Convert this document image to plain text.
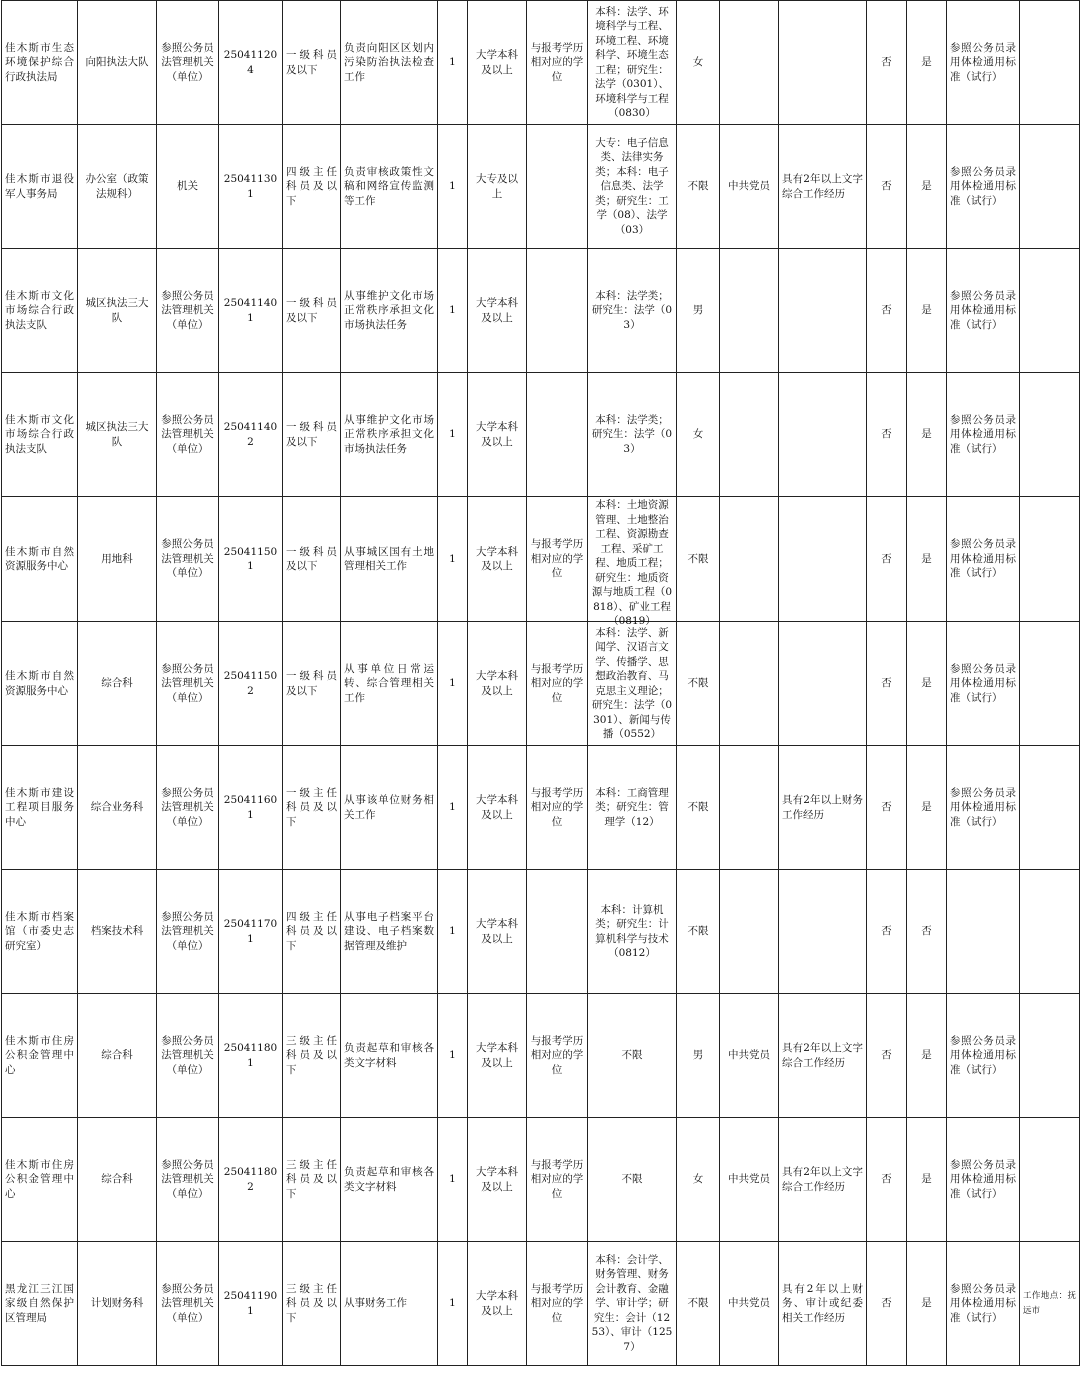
佳木斯市生态环境保护综合行政执法局	向阳执法大队	参照公务员法管理机关（单位）	250411204	一级科员及以下	负责向阳区区划内污染防治执法检查工作	1	大学本科及以上	与报考学历相对应的学位	本科：法学、环境科学与工程、环境工程、环境科学、环境生态工程；研究生：法学（0301）、环境科学与工程（0830）	女			否	是	参照公务员录用体检通用标准（试行）	

佳木斯市退役军人事务局	办公室（政策法规科）	机关	250411301	四级主任科员及以下	负责审核政策性文稿和网络宣传监测等工作	1	大专及以上		大专：电子信息类、法律实务类；本科：电子信息类、法学类；研究生：工学（08）、法学（03）	不限	中共党员	具有2年以上文字综合工作经历	否	是	参照公务员录用体检通用标准（试行）	

佳木斯市文化市场综合行政执法支队	城区执法三大队	参照公务员法管理机关（单位）	250411401	一级科员及以下	从事维护文化市场正常秩序承担文化市场执法任务	1	大学本科及以上		本科：法学类；研究生：法学（03）	男			否	是	参照公务员录用体检通用标准（试行）	

佳木斯市文化市场综合行政执法支队	城区执法三大队	参照公务员法管理机关（单位）	250411402	一级科员及以下	从事维护文化市场正常秩序承担文化市场执法任务	1	大学本科及以上		本科：法学类；研究生：法学（03）	女			否	是	参照公务员录用体检通用标准（试行）	

佳木斯市自然资源服务中心	用地科	参照公务员法管理机关（单位）	250411501	一级科员及以下	从事城区国有土地管理相关工作	1	大学本科及以上	与报考学历相对应的学位	本科：土地资源管理、土地整治工程、资源勘查工程、采矿工程、地质工程；研究生：地质资源与地质工程（0818）、矿业工程（0819）	不限			否	是	参照公务员录用体检通用标准（试行）	

佳木斯市自然资源服务中心	综合科	参照公务员法管理机关（单位）	250411502	一级科员及以下	从事单位日常运转、综合管理相关工作	1	大学本科及以上	与报考学历相对应的学位	本科：法学、新闻学、汉语言文学、传播学、思想政治教育、马克思主义理论；研究生：法学（0301）、新闻与传播（0552）	不限			否	是	参照公务员录用体检通用标准（试行）	

佳木斯市建设工程项目服务中心	综合业务科	参照公务员法管理机关（单位）	250411601	一级主任科员及以下	从事该单位财务相关工作	1	大学本科及以上	与报考学历相对应的学位	本科：工商管理类；研究生：管理学（12）	不限		具有2年以上财务工作经历	否	是	参照公务员录用体检通用标准（试行）	

佳木斯市档案馆（市委史志研究室）	档案技术科	参照公务员法管理机关（单位）	250411701	四级主任科员及以下	从事电子档案平台建设、电子档案数据管理及维护	1	大学本科及以上		本科：计算机类；研究生：计算机科学与技术（0812）	不限			否	否		

佳木斯市住房公积金管理中心	综合科	参照公务员法管理机关（单位）	250411801	三级主任科员及以下	负责起草和审核各类文字材料	1	大学本科及以上	与报考学历相对应的学位	不限	男	中共党员	具有2年以上文字综合工作经历	否	是	参照公务员录用体检通用标准（试行）	

佳木斯市住房公积金管理中心	综合科	参照公务员法管理机关（单位）	250411802	三级主任科员及以下	负责起草和审核各类文字材料	1	大学本科及以上	与报考学历相对应的学位	不限	女	中共党员	具有2年以上文字综合工作经历	否	是	参照公务员录用体检通用标准（试行）	

黑龙江三江国家级自然保护区管理局	计划财务科	参照公务员法管理机关（单位）	250411901	三级主任科员及以下	从事财务工作	1	大学本科及以上	与报考学历相对应的学位	本科：会计学、财务管理、财务会计教育、金融学、审计学；研究生：会计（1253）、审计（1257）	不限	中共党员	具有2年以上财务、审计或纪委相关工作经历	否	是	参照公务员录用体检通用标准（试行）	工作地点：抚远市
